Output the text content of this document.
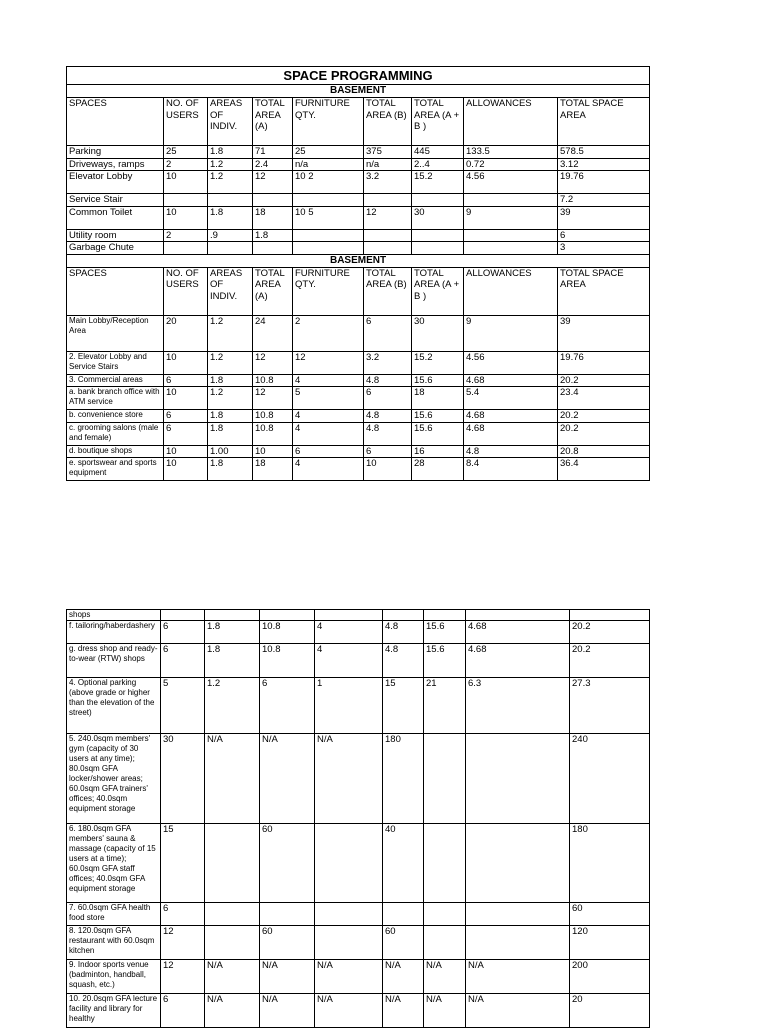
SPACE PROGRAMMING								
BASEMENT								
SPACES	NO. OF USERS	AREAS OF INDIV.	TOTAL AREA (A)	FURNITURE QTY.	TOTAL AREA (B)	TOTAL AREA (A + B )	ALLOWANCES	TOTAL SPACE AREA
Parking	25	1.8	71	25	375	445	133.5	578.5
Driveways, ramps	2	1.2	2.4	n/a	n/a	2..4	0.72	3.12
Elevator Lobby	10	1.2	12	10 2	3.2	15.2	4.56	19.76
Service Stair								7.2
Common Toilet	10	1.8	18	10 5	12	30	9	39
Utility room	2	.9	1.8					6
Garbage Chute								3
BASEMENT								
SPACES	NO. OF USERS	AREAS OF INDIV.	TOTAL AREA (A)	FURNITURE QTY.	TOTAL AREA (B)	TOTAL AREA (A + B )	ALLOWANCES	TOTAL SPACE AREA
Main Lobby/Reception Area	20	1.2	24	2	6	30	9	39
2. Elevator Lobby and Service Stairs	10	1.2	12	12	3.2	15.2	4.56	19.76
3. Commercial areas	6	1.8	10.8	4	4.8	15.6	4.68	20.2
a. bank branch office with ATM service	10	1.2	12	5	6	18	5.4	23.4
b. convenience store	6	1.8	10.8	4	4.8	15.6	4.68	20.2
c. grooming salons (male and female)	6	1.8	10.8	4	4.8	15.6	4.68	20.2
d. boutique shops	10	1.00	10	6	6	16	4.8	20.8
e. sportswear and sports equipment	10	1.8	18	4	10	28	8.4	36.4
shops								
f. tailoring/haberdashery	6	1.8	10.8	4	4.8	15.6	4.68	20.2
g. dress shop and ready-to-wear (RTW) shops	6	1.8	10.8	4	4.8	15.6	4.68	20.2
4. Optional parking (above grade or higher than the elevation of the street)	5	1.2	6	1	15	21	6.3	27.3
5. 240.0sqm members' gym (capacity of 30 users at any time); 80.0sqm GFA locker/shower areas; 60.0sqm GFA trainers' offices; 40.0sqm equipment storage	30	N/A	N/A	N/A	180			240
6. 180.0sqm GFA members' sauna & massage (capacity of 15 users at a time); 60.0sqm GFA staff offices; 40.0sqm GFA equipment storage	15		60		40			180
7. 60.0sqm GFA health food store	6							60
8. 120.0sqm GFA restaurant with 60.0sqm kitchen	12		60		60			120
9. Indoor sports venue (badminton, handball, squash, etc.)	12	N/A	N/A	N/A	N/A	N/A	N/A	200
10. 20.0sqm GFA lecture facility and library for healthy	6	N/A	N/A	N/A	N/A	N/A	N/A	20
